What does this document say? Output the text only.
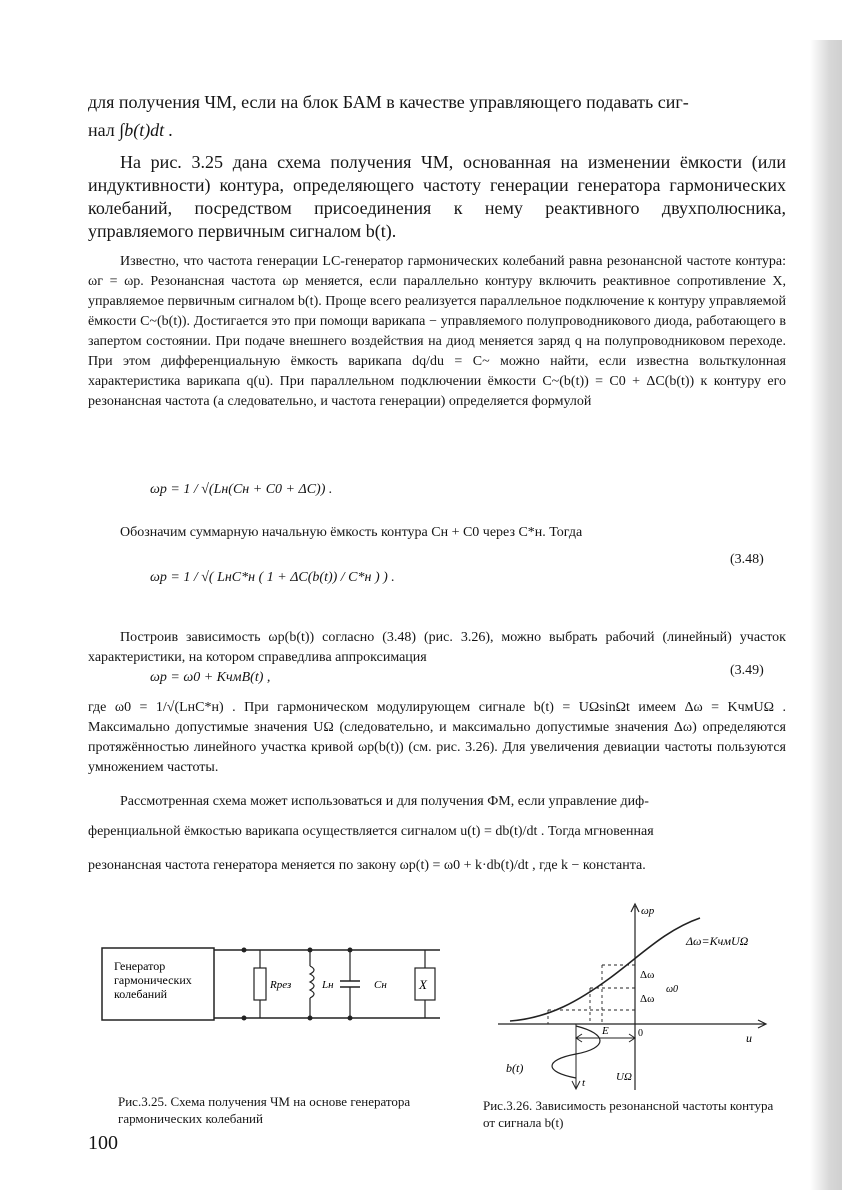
для получения ЧМ, если на блок БАМ в качестве управляющего подавать сиг-

нал ∫b(t)dt .

На рис. 3.25 дана схема получения ЧМ, основанная на изменении ёмкости (или индуктивности) контура, определяющего частоту генерации генератора гармонических колебаний, посредством присоединения к нему реактивного двухполюсника, управляемого первичным сигналом b(t).

Известно, что частота генерации LC-генератор гармонических колебаний равна резонансной частоте контура: ωг = ωр. Резонансная частота ωр меняется, если параллельно контуру включить реактивное сопротивление X, управляемое первичным сигналом b(t). Проще всего реализуется параллельное подключение к контуру управляемой ёмкости C~(b(t)). Достигается это при помощи варикапа − управляемого полупроводникового диода, работающего в запертом состоянии. При подаче внешнего воздействия на диод меняется заряд q на полупроводниковом переходе. При этом дифференциальную ёмкость варикапа dq/du = C~ можно найти, если известна вольткулонная характеристика варикапа q(u). При параллельном подключении ёмкости C~(b(t)) = C0 + ΔC(b(t)) к контуру его резонансная частота (а следовательно, и частота генерации) определяется формулой

ωр = 1 / √(Lн(Cн + C0 + ΔC)) .

Обозначим суммарную начальную ёмкость контура Cн + C0 через C*н. Тогда

ωр = 1 / √( LнC*н ( 1 + ΔC(b(t)) / C*н ) ) .
(3.48)

Построив зависимость ωр(b(t)) согласно (3.48) (рис. 3.26), можно выбрать рабочий (линейный) участок характеристики, на котором справедлива аппроксимация

ωр = ω0 + KчмB(t) ,	(3.49)

где ω0 = 1/√(LнC*н) . При гармоническом модулирующем сигнале b(t) = UΩsinΩt имеем Δω = KчмUΩ . Максимально допустимые значения UΩ (следовательно, и максимально допустимые значения Δω) определяются протяжённостью линейного участка кривой ωр(b(t)) (см. рис. 3.26). Для увеличения девиации частоты пользуются умножением частоты.

Рассмотренная схема может использоваться и для получения ФМ, если управление диф-

ференциальной ёмкостью варикапа осуществляется сигналом u(t) = db(t)/dt . Тогда мгновенная

резонансная частота генератора меняется по закону ωр(t) = ω0 + k·db(t)/dt , где k − константа.

Генератор
гармонических
колебаний
Rрез	Lн	Cн X
Рис.3.25. Схема получения ЧМ на основе генератора гармонических колебаний
ωр
u
0
Δω
Δω
ω0
Δω=KчмUΩ
E
b(t)
t	UΩ
Рис.3.26. Зависимость резонансной частоты контура от сигнала b(t)
100
